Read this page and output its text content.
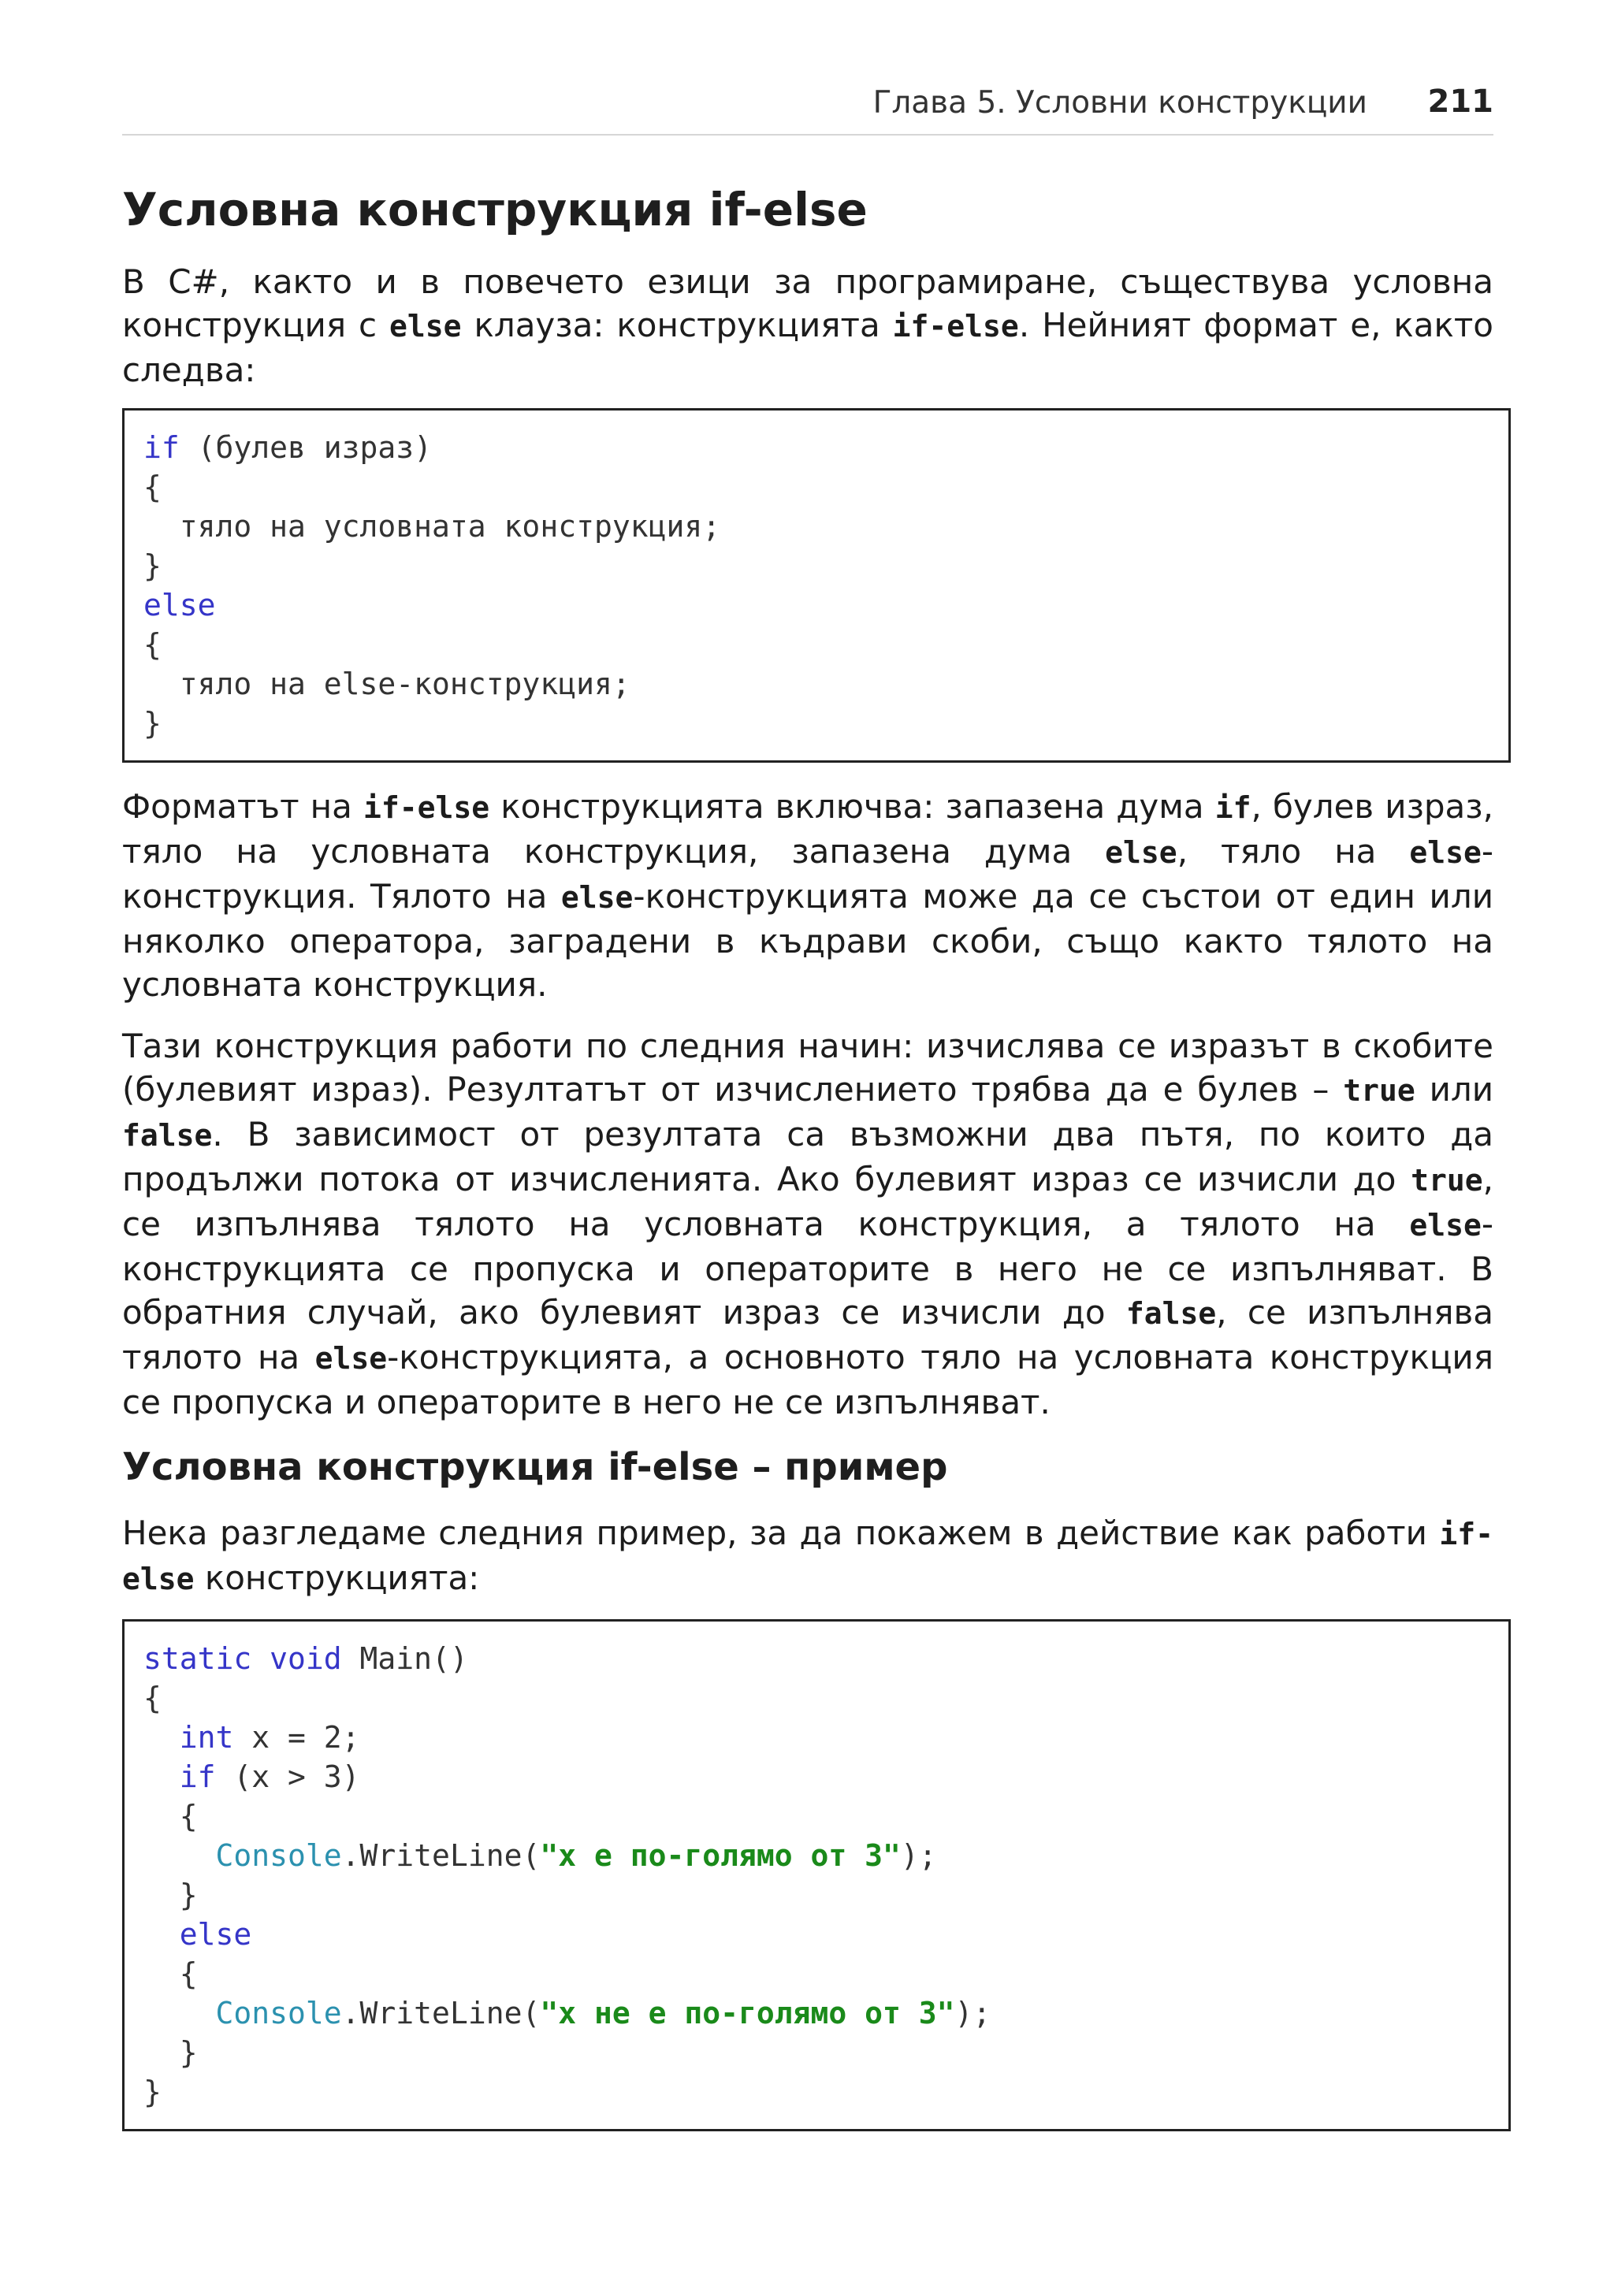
Глава 5. Условни конструкции 211
Условна конструкция if-else

В C#, както и в повечето езици за програмиране, съществува условна конструкция с else клауза: конструкцията if-else. Нейният формат е, както следва:

if (булев израз)
{
тяло на условната конструкция;
}
else
{
тяло на else-конструкция;
}

Форматът на if-else конструкцията включва: запазена дума if, булев израз, тяло на условната конструкция, запазена дума else, тяло на else-конструкция. Тялото на else-конструкцията може да се състои от един или няколко оператора, заградени в къдрави скоби, също както тялото на условната конструкция.

Тази конструкция работи по следния начин: изчислява се изразът в скобите (булевият израз). Резултатът от изчислението трябва да е булев – true или false. В зависимост от резултата са възможни два пътя, по които да продължи потока от изчисленията. Ако булевият израз се изчисли до true, се изпълнява тялото на условната конструкция, а тялото на else-конструкцията се пропуска и операторите в него не се изпълняват. В обратния случай, ако булевият израз се изчисли до false, се изпълнява тялото на else-конструкцията, а основното тяло на условната конструкция се пропуска и операторите в него не се изпълняват.

Условна конструкция if-else – пример

Нека разгледаме следния пример, за да покажем в действие как работи if-else конструкцията:

static void Main()
{
int x = 2;
if (x > 3)
{
Console.WriteLine("x е по-голямо от 3");
}
else
{
Console.WriteLine("x не е по-голямо от 3");
}
}
